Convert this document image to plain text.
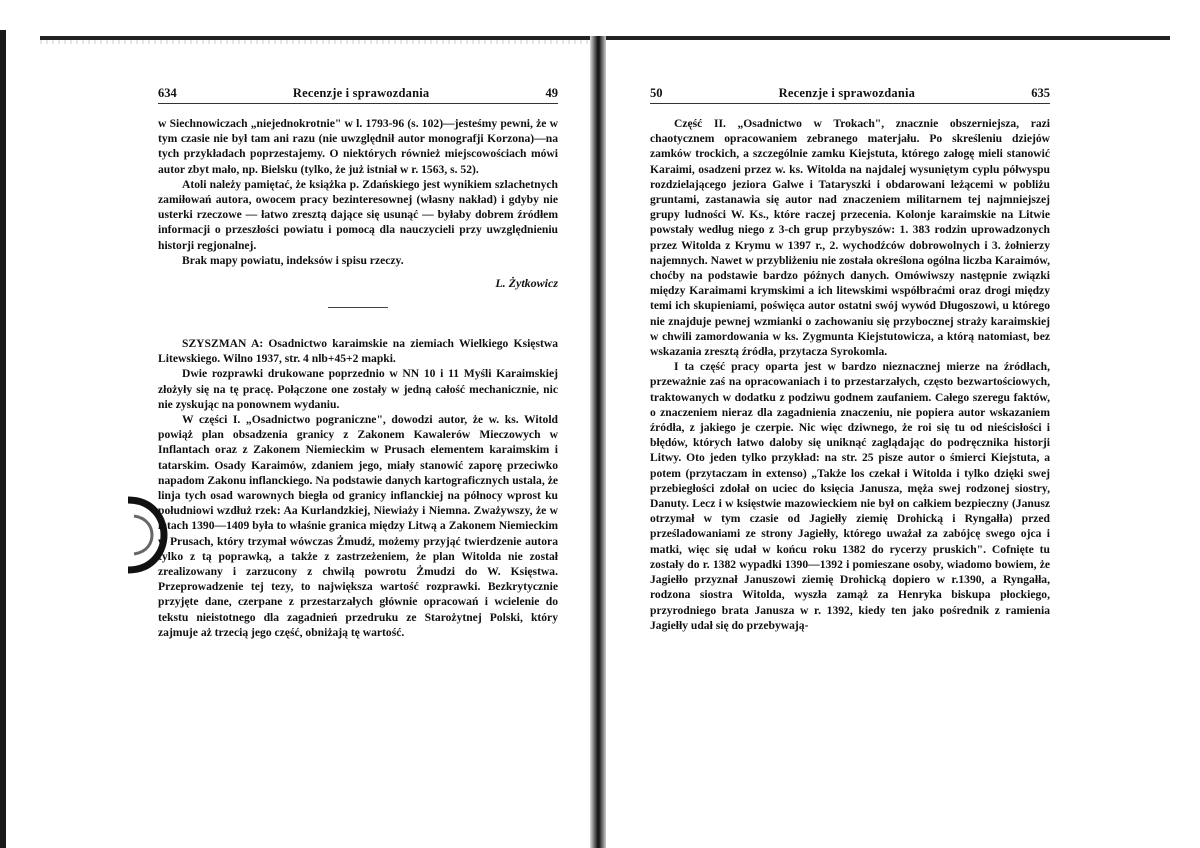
634	Recenzje i sprawozdania	49

w Siechnowiczach „niejednokrotnie" w l. 1793-96 (s. 102)—jesteśmy pewni, że w tym czasie nie był tam ani razu (nie uwzględnił autor monografji Korzona)—na tych przykładach poprzestajemy. O niektórych również miejscowościach mówi autor zbyt mało, np. Bielsku (tylko, że już istniał w r. 1563, s. 52).

Atoli należy pamiętać, że książka p. Zdańskiego jest wynikiem szlachetnych zamiłowań autora, owocem pracy bezinteresownej (własny nakład) i gdyby nie usterki rzeczowe — łatwo zresztą dające się usunąć — byłaby dobrem źródłem informacji o przeszłości powiatu i pomocą dla nauczycieli przy uwzględnieniu historji regjonalnej.

Brak mapy powiatu, indeksów i spisu rzeczy.

L. Żytkowicz

SZYSZMAN A: Osadnictwo karaimskie na ziemiach Wielkiego Księstwa Litewskiego. Wilno 1937, str. 4 nlb+45+2 mapki.

Dwie rozprawki drukowane poprzednio w NN 10 i 11 Myśli Karaimskiej złożyły się na tę pracę. Połączone one zostały w jedną całość mechanicznie, nic nie zyskując na ponownem wydaniu.

W części I. „Osadnictwo pograniczne", dowodzi autor, że w. ks. Witold powiąż plan obsadzenia granicy z Zakonem Kawalerów Mieczowych w Inflantach oraz z Zakonem Niemieckim w Prusach elementem karaimskim i tatarskim. Osady Karaimów, zdaniem jego, miały stanowić zaporę przeciwko napadom Zakonu inflanckiego. Na podstawie danych kartograficznych ustala, że linja tych osad warownych biegła od granicy inflanckiej na północy wprost ku południowi wzdłuż rzek: Aa Kurlandzkiej, Niewiaży i Niemna. Zważywszy, że w latach 1390—1409 była to właśnie granica między Litwą a Zakonem Niemieckim w Prusach, który trzymał wówczas Żmudź, możemy przyjąć twierdzenie autora tylko z tą poprawką, a także z zastrzeżeniem, że plan Witolda nie został zrealizowany i zarzucony z chwilą powrotu Żmudzi do W. Księstwa. Przeprowadzenie tej tezy, to największa wartość rozprawki. Bezkrytycznie przyjęte dane, czerpane z przestarzałych głównie opracowań i wcielenie do tekstu nieistotnego dla zagadnień przedruku ze Starożytnej Polski, który zajmuje aż trzecią jego część, obniżają tę wartość.

50	Recenzje i sprawozdania	635

Część II. „Osadnictwo w Trokach", znacznie obszerniejsza, razi chaotycznem opracowaniem zebranego materjału. Po skreśleniu dziejów zamków trockich, a szczególnie zamku Kiejstuta, którego załogę mieli stanowić Karaimi, osadzeni przez w. ks. Witolda na najdalej wysuniętym cyplu półwyspu rozdzielającego jeziora Galwe i Tataryszki i obdarowani leżącemi w pobliżu gruntami, zastanawia się autor nad znaczeniem militarnem tej najmniejszej grupy ludności W. Ks., które raczej przecenia. Kolonje karaimskie na Litwie powstały według niego z 3-ch grup przybyszów: 1. 383 rodzin uprowadzonych przez Witolda z Krymu w 1397 r., 2. wychodźców dobrowolnych i 3. żołnierzy najemnych. Nawet w przybliżeniu nie została określona ogólna liczba Karaimów, choćby na podstawie bardzo późnych danych. Omówiwszy następnie związki między Karaimami krymskimi a ich litewskimi współbraćmi oraz drogi między temi ich skupieniami, poświęca autor ostatni swój wywód Długoszowi, u którego nie znajduje pewnej wzmianki o zachowaniu się przybocznej straży karaimskiej w chwili zamordowania w ks. Zygmunta Kiejstutowicza, a którą natomiast, bez wskazania zresztą źródła, przytacza Syrokomla.

I ta część pracy oparta jest w bardzo nieznacznej mierze na źródłach, przeważnie zaś na opracowaniach i to przestarzałych, często bezwartościowych, traktowanych w dodatku z podziwu godnem zaufaniem. Całego szeregu faktów, o znaczeniem nieraz dla zagadnienia znaczeniu, nie popiera autor wskazaniem źródła, z jakiego je czerpie. Nic więc dziwnego, że roi się tu od nieścisłości i błędów, których łatwo daloby się uniknąć zaglądając do podręcznika historji Litwy. Oto jeden tylko przykład: na str. 25 pisze autor o śmierci Kiejstuta, a potem (przytaczam in extenso) „Także los czekał i Witolda i tylko dzięki swej przebiegłości zdołał on uciec do księcia Janusza, męża swej rodzonej siostry, Danuty. Lecz i w księstwie mazowieckiem nie był on całkiem bezpieczny (Janusz otrzymał w tym czasie od Jagiełły ziemię Drohicką i Ryngałła) przed prześladowaniami ze strony Jagiełły, którego uważał za zabójcę swego ojca i matki, więc się udał w końcu roku 1382 do rycerzy pruskich". Cofnięte tu zostały do r. 1382 wypadki 1390—1392 i pomieszane osoby, wiadomo bowiem, że Jagiełło przyznał Januszowi ziemię Drohicką dopiero w r.1390, a Ryngałła, rodzona siostra Witolda, wyszła zamąż za Henryka biskupa płockiego, przyrodniego brata Janusza w r. 1392, kiedy ten jako pośrednik z ramienia Jagiełły udał się do przebywają-
